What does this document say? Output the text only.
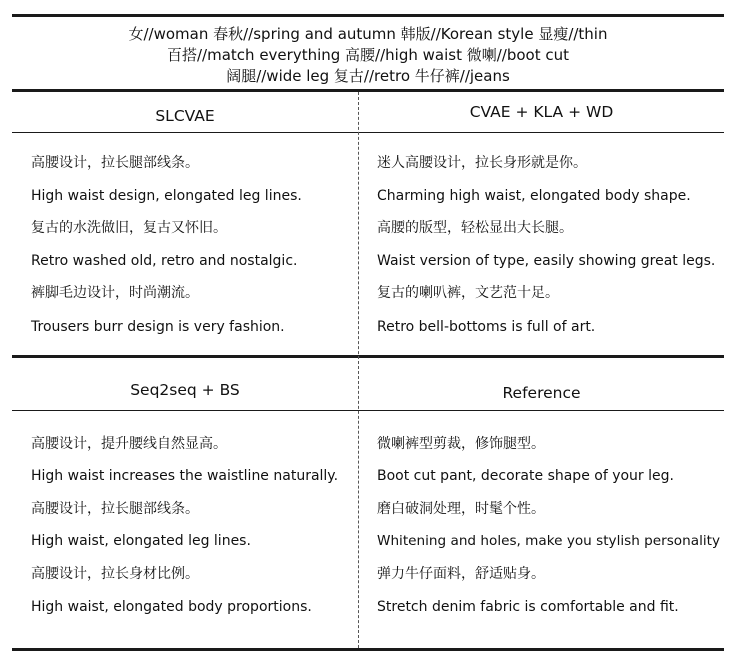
女//woman 春秋//spring and autumn 韩版//Korean style 显瘦//thin
百搭//match everything 高腰//high waist 微喇//boot cut
阔腿//wide leg 复古//retro 牛仔裤//jeans
SLCVAE	CVAE + KLA + WD
高腰设计，拉长腿部线条。
High waist design, elongated leg lines.
复古的水洗做旧，复古又怀旧。
Retro washed old, retro and nostalgic.
裤脚毛边设计，时尚潮流。
Trousers burr design is very fashion.
迷人高腰设计，拉长身形就是你。
Charming high waist, elongated body shape.
高腰的版型，轻松显出大长腿。
Waist version of type, easily showing great legs.
复古的喇叭裤，文艺范十足。
Retro bell-bottoms is full of art.
Seq2seq + BS	Reference
高腰设计，提升腰线自然显高。
High waist increases the waistline naturally.
高腰设计，拉长腿部线条。
High waist, elongated leg lines.
高腰设计，拉长身材比例。
High waist, elongated body proportions.
微喇裤型剪裁，修饰腿型。
Boot cut pant, decorate shape of your leg.
磨白破洞处理，时髦个性。
Whitening and holes, make you stylish personality
弹力牛仔面料，舒适贴身。
Stretch denim fabric is comfortable and fit.
